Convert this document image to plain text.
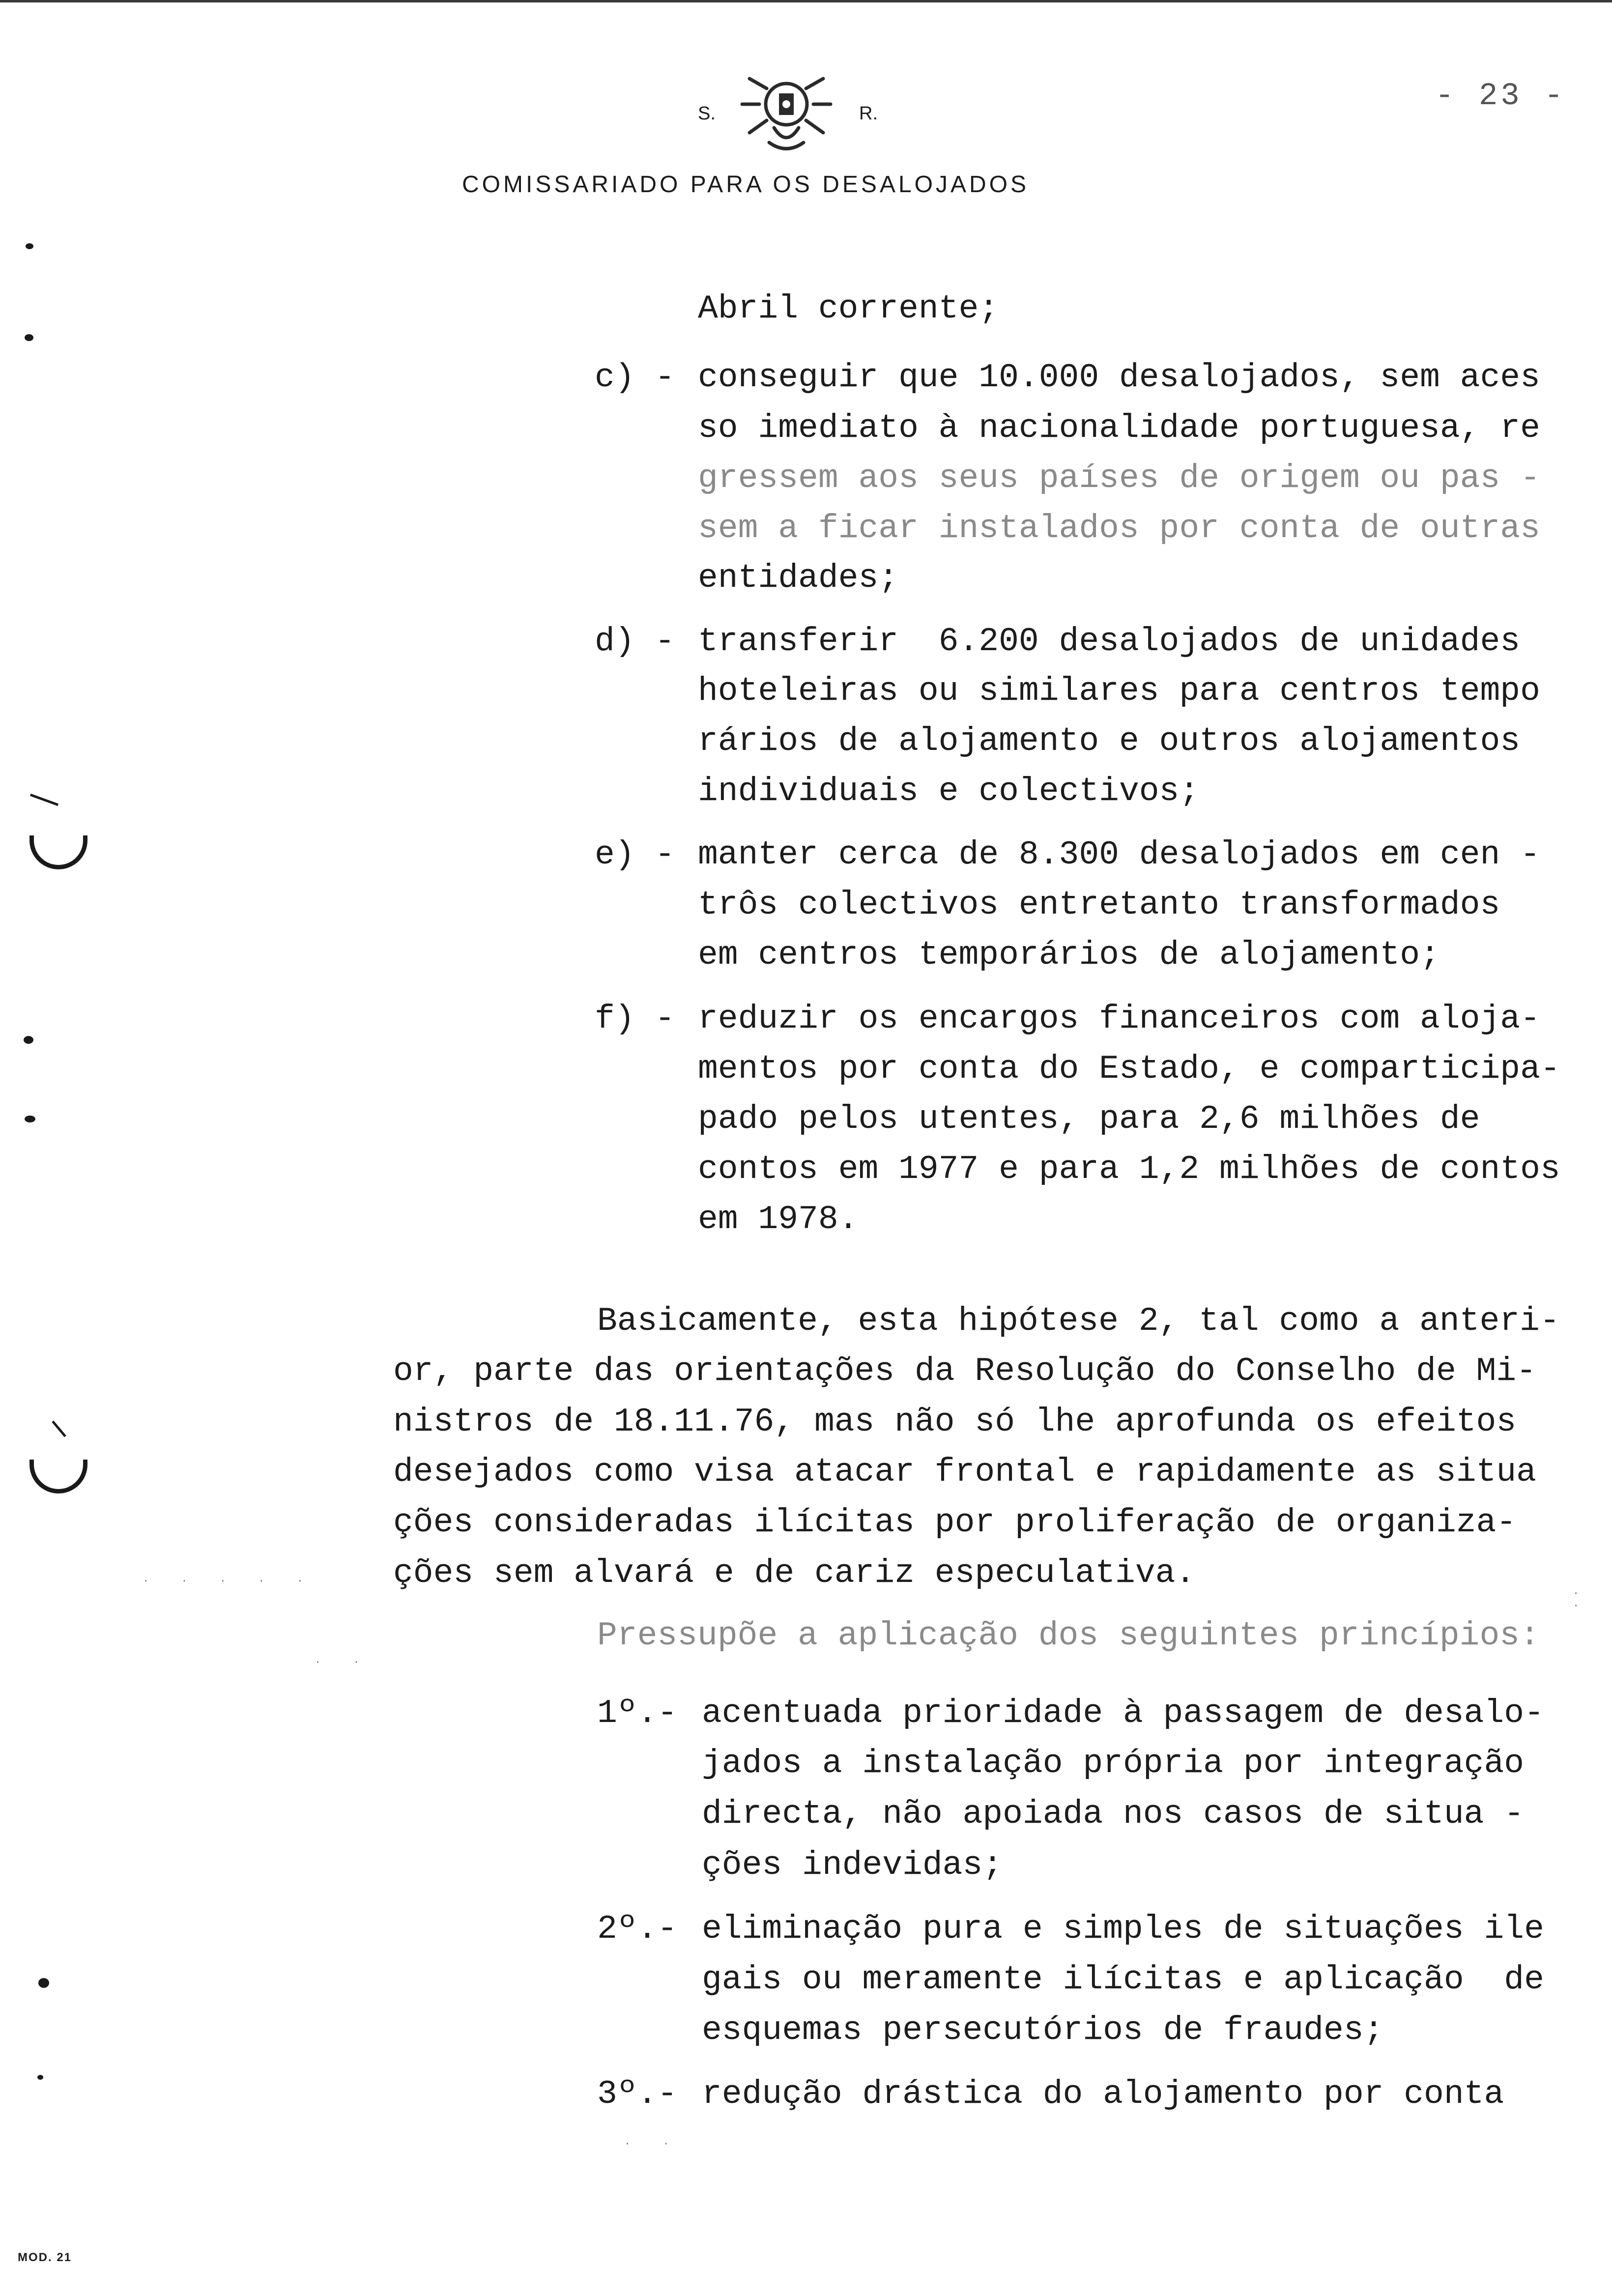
- 23 -
S.	R.
COMISSARIADO PARA OS DESALOJADOS
Abril corrente;
c) - conseguir que 10.000 desalojados, sem aces
so imediato à nacionalidade portuguesa, re
gressem aos seus países de origem ou pas -
sem a ficar instalados por conta de outras
entidades;
d) - transferir  6.200 desalojados de unidades
hoteleiras ou similares para centros tempo
rários de alojamento e outros alojamentos
individuais e colectivos;
e) - manter cerca de 8.300 desalojados em cen -
trôs colectivos entretanto transformados
em centros temporários de alojamento;
f) - reduzir os encargos financeiros com aloja-
mentos por conta do Estado, e comparticipa-
pado pelos utentes, para 2,6 milhões de
contos em 1977 e para 1,2 milhões de contos
em 1978.
Basicamente, esta hipótese 2, tal como a anteri-
or, parte das orientações da Resolução do Conselho de Mi-
nistros de 18.11.76, mas não só lhe aprofunda os efeitos
desejados como visa atacar frontal e rapidamente as situa
ções consideradas ilícitas por proliferação de organiza-
ções sem alvará e de cariz especulativa.
Pressupõe a aplicação dos seguintes princípios:
1º.- acentuada prioridade à passagem de desalo-
jados a instalação própria por integração
directa, não apoiada nos casos de situa -
ções indevidas;
2º.- eliminação pura e simples de situações ile
gais ou meramente ilícitas e aplicação  de
esquemas persecutórios de fraudes;
3º.- redução drástica do alojamento por conta
· · · · ·
· ·
· ·
· ·
MOD. 21
